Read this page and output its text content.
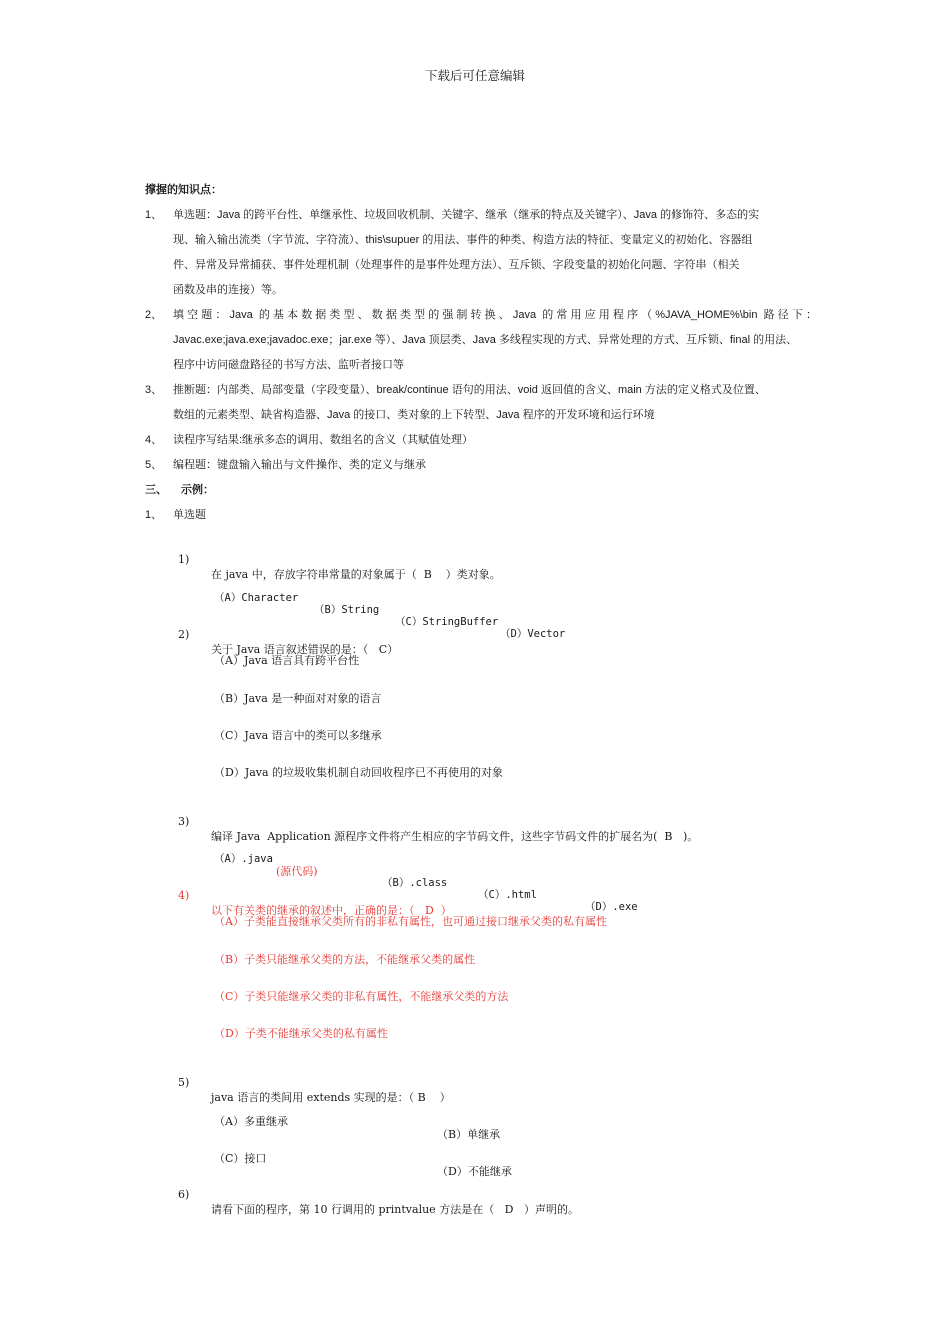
下载后可任意编辑
撑握的知识点：
1、 单选题：Java 的跨平台性、单继承性、垃圾回收机制、关键字、继承（继承的特点及关键字）、Java 的修饰符、多态的实
现、输入输出流类（字节流、字符流）、this\supuer 的用法、事件的种类、构造方法的特征、变量定义的初始化、容器组
件、异常及异常捕获、事件处理机制（处理事件的是事件处理方法）、互斥锁、字段变量的初始化问题、字符串（相关
函数及串的连接）等。
2、 填空题：Java 的基本数据类型、数据类型的强制转换、Java 的常用应用程序（%JAVA_HOME%\bin 路径下：
Javac.exe;java.exe;javadoc.exe；jar.exe 等）、Java 顶层类、Java 多线程实现的方式、异常处理的方式、互斥锁、final 的用法、
程序中访问磁盘路径的书写方法、监听者接口等
3、 推断题：内部类、局部变量（字段变量）、break/continue 语句的用法、void 返回值的含义、main 方法的定义格式及位置、
数组的元素类型、缺省构造器、Java 的接口、类对象的上下转型、Java 程序的开发环境和运行环境
4、 读程序写结果:继承多态的调用、数组名的含义（其赋值处理）
5、 编程题：键盘输入输出与文件操作、类的定义与继承
三、 示例：
1、 单选题

1)

在 java 中，存放字符串常量的对象属于（  B    ）类对象。

（A）Character

（B）String

（C）StringBuffer

（D）Vector

2)

关于 Java 语言叙述错误的是：（   C）

（A）Java 语言具有跨平台性
（B）Java 是一种面对对象的语言
（C）Java 语言中的类可以多继承
（D）Java 的垃圾收集机制自动回收程序已不再使用的对象

3)

编译 Java  Application 源程序文件将产生相应的字节码文件，这些字节码文件的扩展名为(  B   )。

（A）.java

(源代码)

（B）.class

（C）.html

（D）.exe

4)

以下有关类的继承的叙述中，正确的是：（   D  ）

（A）子类能直接继承父类所有的非私有属性，也可通过接口继承父类的私有属性
（B）子类只能继承父类的方法，不能继承父类的属性
（C）子类只能继承父类的非私有属性，不能继承父类的方法
（D）子类不能继承父类的私有属性

5)

java 语言的类间用 extends 实现的是：（ B    ）

（A）多重继承

（B）单继承

（C）接口

（D）不能继承

6)

请看下面的程序，第 10 行调用的 printvalue 方法是在（   D   ）声明的。
